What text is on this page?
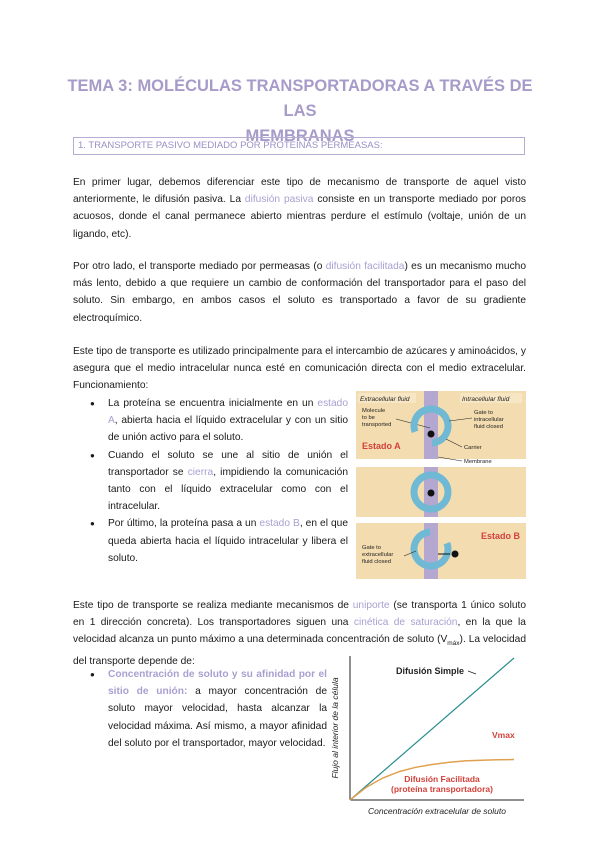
TEMA 3: MOLÉCULAS TRANSPORTADORAS A TRAVÉS DE LAS
MEMBRANAS
1. TRANSPORTE PASIVO MEDIADO POR PROTEÍNAS PERMEASAS:

En primer lugar, debemos diferenciar este tipo de mecanismo de transporte de aquel visto anteriormente, le difusión pasiva. La difusión pasiva consiste en un transporte mediado por poros acuosos, donde el canal permanece abierto mientras perdure el estímulo (voltaje, unión de un ligando, etc).

Por otro lado, el transporte mediado por permeasas (o difusión facilitada) es un mecanismo mucho más lento, debido a que requiere un cambio de conformación del transportador para el paso del soluto. Sin embargo, en ambos casos el soluto es transportado a favor de su gradiente electroquímico.

Este tipo de transporte es utilizado principalmente para el intercambio de azúcares y aminoácidos, y asegura que el medio intracelular nunca esté en comunicación directa con el medio extracelular. Funcionamiento:

● La proteína se encuentra inicialmente en un estado A, abierta hacia el líquido extracelular y con un sitio de unión activo para el soluto.
● Cuando el soluto se une al sitio de unión el transportador se cierra, impidiendo la comunicación tanto con el líquido extracelular como con el intracelular.
● Por último, la proteína pasa a un estado B, en el que queda abierta hacia el líquido intracelular y libera el soluto.
Extracellular fluid	Intracellular fluid
Molecule
to be
transported
Gate to
intracellular
fluid closed
Estado A	Carrier
Membrane
Estado B
Gate to
extracellular
fluid closed

Este tipo de transporte se realiza mediante mecanismos de uniporte (se transporta 1 único soluto en 1 dirección concreta). Los transportadores siguen una cinética de saturación, en la que la velocidad alcanza un punto máximo a una determinada concentración de soluto $(V_{máx})$. La velocidad del transporte depende de:

● Concentración de soluto y su afinidad por el sitio de unión: a mayor concentración de soluto mayor velocidad, hasta alcanzar la velocidad máxima. Así mismo, a mayor afinidad del soluto por el transportador, mayor velocidad. Flujo al interior de la célula
Concentración extracelular de soluto
Difusión Simple
Vmax
Difusión Facilitada
(proteína transportadora)
